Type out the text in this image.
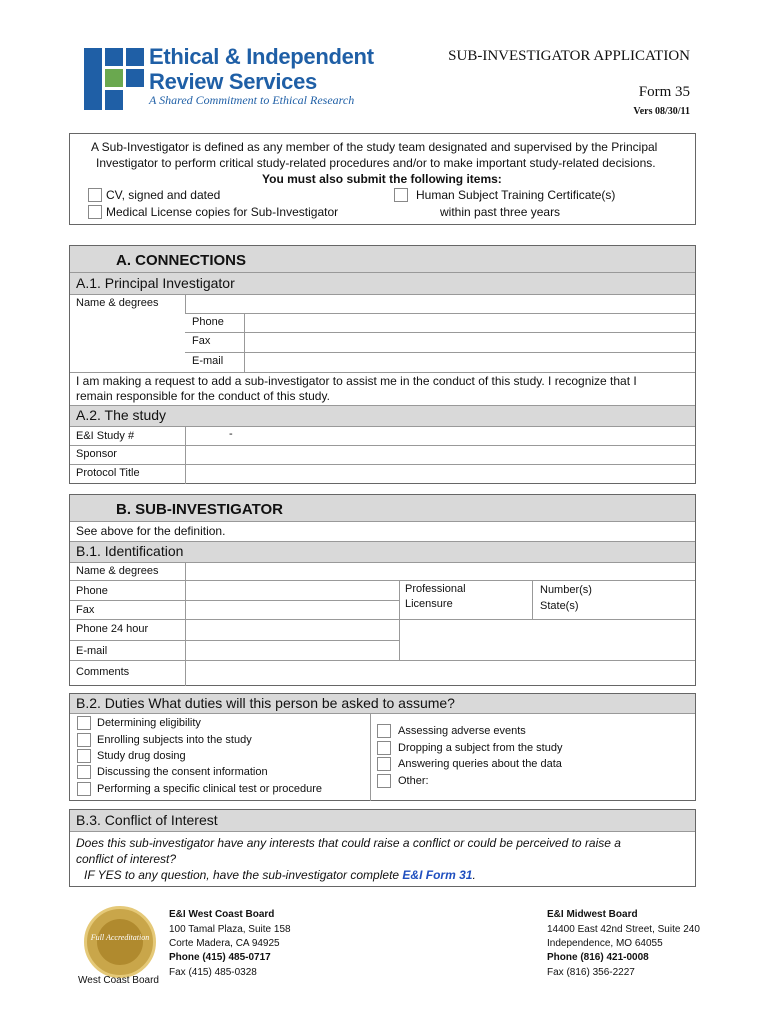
Ethical & Independent
Review Services
A Shared Commitment to Ethical Research
SUB-INVESTIGATOR APPLICATION
Form 35
Vers 08/30/11
A Sub-Investigator is defined as any member of the study team designated and supervised by the Principal
Investigator to perform critical study-related procedures and/or to make important study-related decisions.
You must also submit the following items:
CV, signed and dated
Medical License copies for Sub-Investigator
Human Subject Training Certificate(s)
within past three years
A. CONNECTIONS
A.1. Principal Investigator
Name & degrees
Phone
Fax
E-mail
I am making a request to add a sub-investigator to assist me in the conduct of this study. I recognize that I
remain responsible for the conduct of this study.
A.2. The study
E&I Study #	-
Sponsor
Protocol Title
B. SUB-INVESTIGATOR
See above for the definition.
B.1. Identification
Name & degrees
Phone	Professional
Licensure
Number(s)
State(s)
Fax
Phone 24 hour
E-mail
Comments
B.2. Duties What duties will this person be asked to assume?
Determining eligibility
Enrolling subjects into the study
Study drug dosing
Discussing the consent information
Performing a specific clinical test or procedure
Assessing adverse events
Dropping a subject from the study
Answering queries about the data
Other:
B.3. Conflict of Interest
Does this sub-investigator have any interests that could raise a conflict or could be perceived to raise a
conflict of interest?
IF YES to any question, have the sub-investigator complete E&I Form 31.
Full Accreditation
West Coast Board
E&I West Coast Board
100 Tamal Plaza, Suite 158
Corte Madera, CA 94925
Phone (415) 485-0717
Fax (415) 485-0328
E&I Midwest Board
14400 East 42nd Street, Suite 240
Independence, MO 64055
Phone (816) 421-0008
Fax (816) 356-2227
